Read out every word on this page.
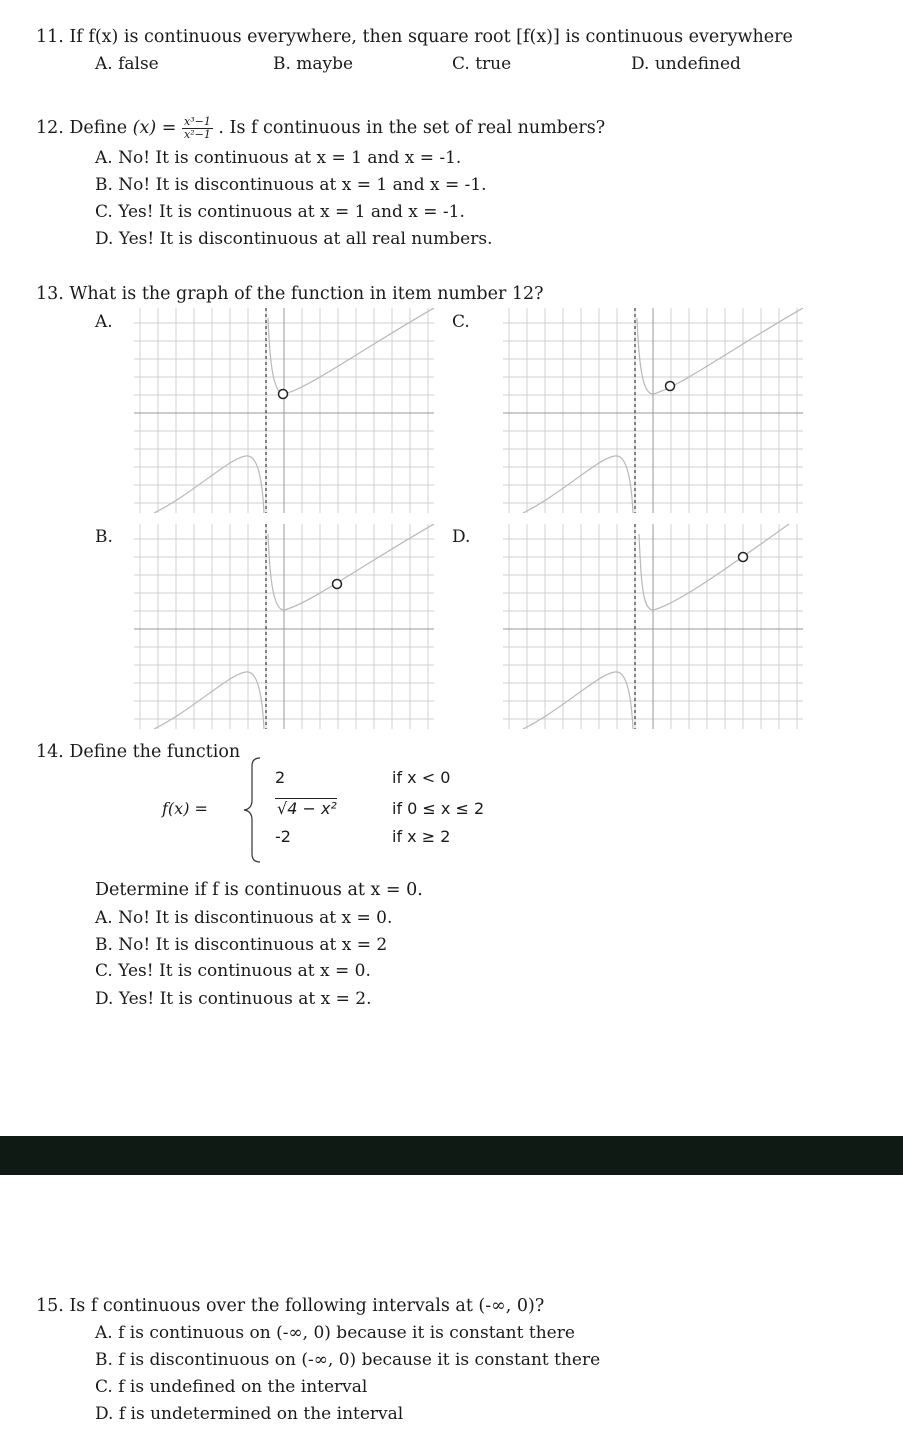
11. If f(x) is continuous everywhere, then square root [f(x)] is continuous everywhere
A. false	B. maybe	C. true	D. undefined
12. Define $(x) = \frac{\text{x³−1}}{\text{x²−1}}$ . Is f continuous in the set of real numbers?
A. No! It is continuous at x = 1 and x = -1.
B. No! It is discontinuous at x = 1 and x = -1.
C. Yes! It is continuous at x = 1 and x = -1.
D. Yes! It is discontinuous at all real numbers.
13. What is the graph of the function in item number 12?
A.	C.
B.	D.
14. Define the function
f(x) =
2	if x < 0
√4 − x²	if 0 ≤ x ≤ 2
-2	if x ≥ 2
Determine if f is continuous at x = 0.
A. No! It is discontinuous at x = 0.
B. No! It is discontinuous at x = 2
C. Yes! It is continuous at x = 0.
D. Yes! It is continuous at x = 2.
15. Is f continuous over the following intervals at (-∞, 0)?
A. f is continuous on (-∞, 0) because it is constant there
B. f is discontinuous on (-∞, 0) because it is constant there
C. f is undefined on the interval
D. f is undetermined on the interval
